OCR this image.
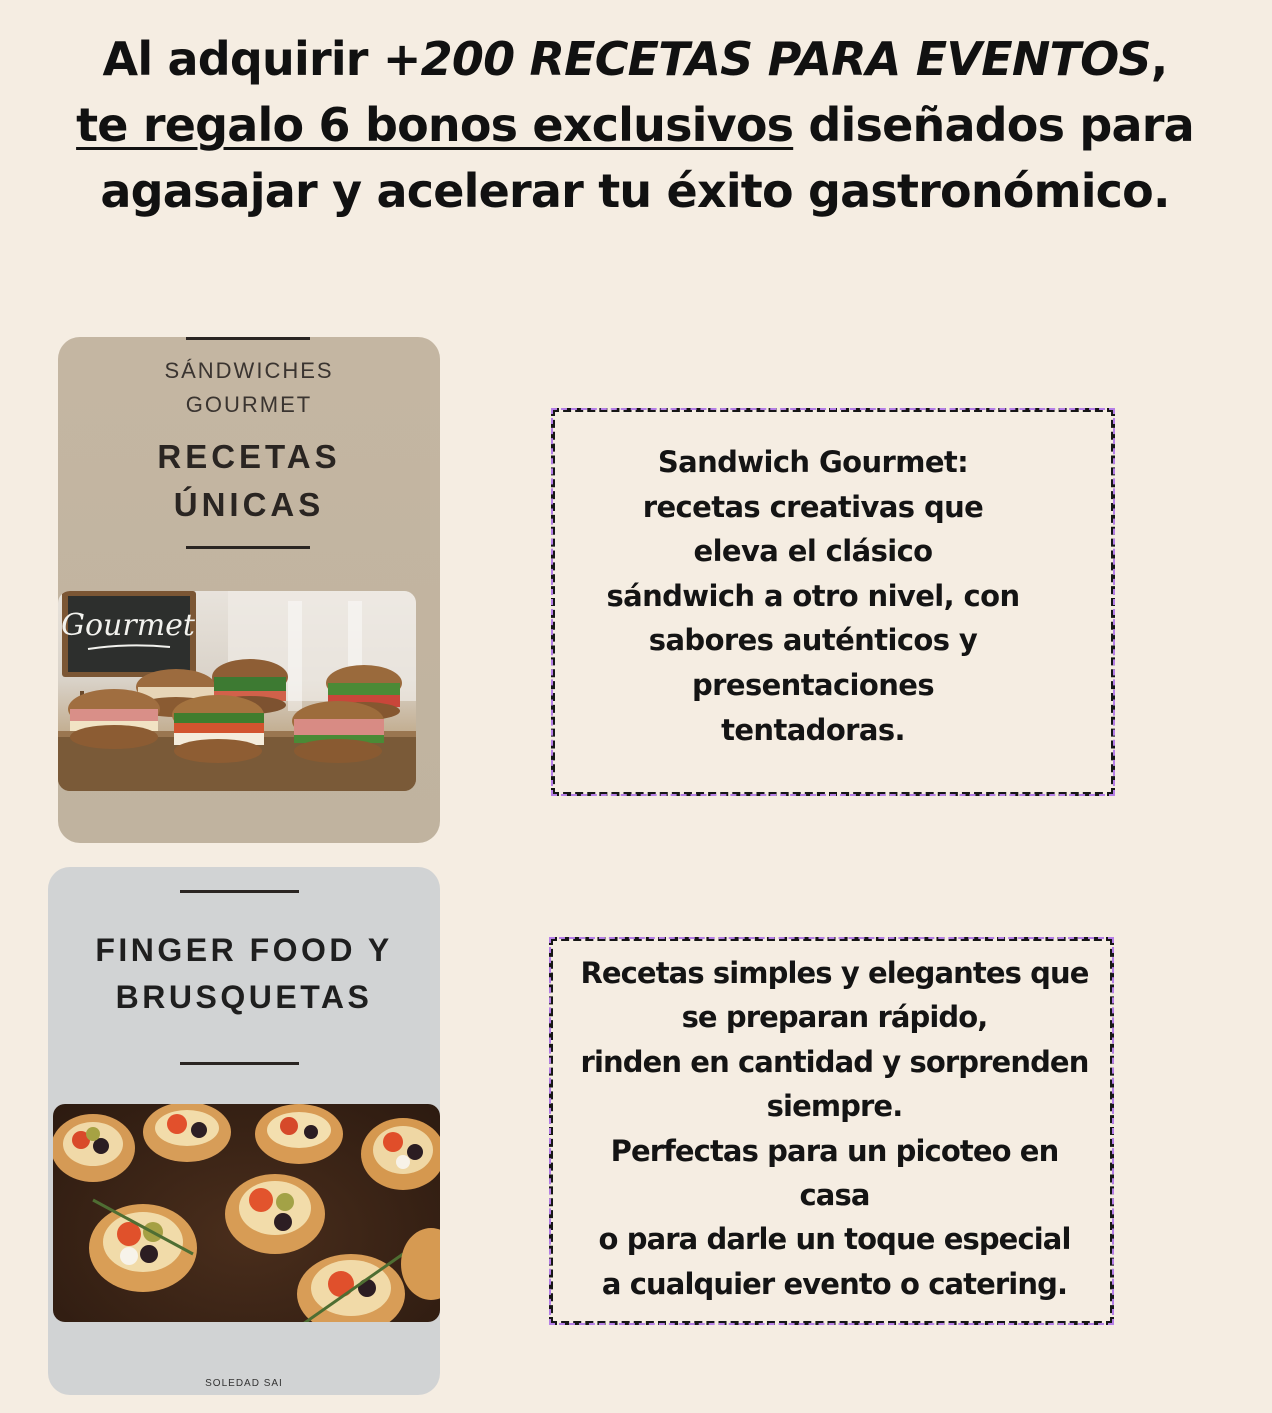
Al adquirir +200 RECETAS PARA EVENTOS, te regalo 6 bonos exclusivos diseñados para agasajar y acelerar tu éxito gastronómico.
SÁNDWICHES
GOURMET
RECETAS
ÚNICAS
Gourmet

Sandwich Gourmet:
recetas creativas que
eleva el clásico
sándwich a otro nivel, con
sabores auténticos y
presentaciones
tentadoras.

FINGER FOOD Y
BRUSQUETAS
SOLEDAD SAI

Recetas simples y elegantes que
se preparan rápido,
rinden en cantidad y sorprenden
siempre.
Perfectas para un picoteo en
casa
o para darle un toque especial
a cualquier evento o catering.
